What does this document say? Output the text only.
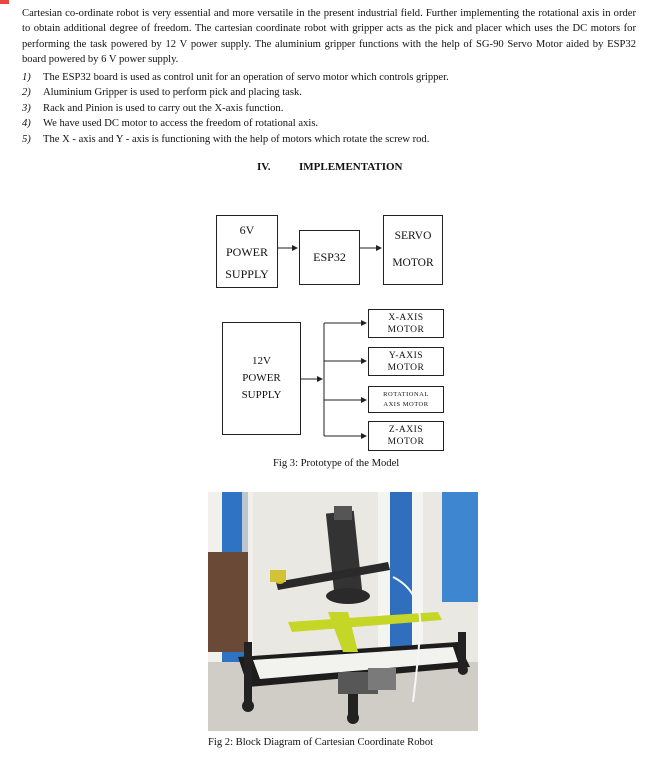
Cartesian co-ordinate robot is very essential and more versatile in the present industrial field. Further implementing the rotational axis in order to obtain additional degree of freedom. The cartesian coordinate robot with gripper acts as the pick and placer which uses the DC motors for performing the task powered by 12 V power supply. The aluminium gripper functions with the help of SG-90 Servo Motor aided by ESP32 board powered by 6 V power supply.

1)	The ESP32 board is used as control unit for an operation of servo motor which controls gripper.
2)	Aluminium Gripper is used to perform pick and placing task.
3)	Rack and Pinion is used to carry out the X-axis function.
4)	We have used DC motor to access the freedom of rotational axis.
5)	The X - axis and Y - axis is functioning with the help of motors which rotate the screw rod.
IV.	IMPLEMENTATION
6V
POWER
SUPPLY
ESP32
SERVO
MOTOR
12V
POWER
SUPPLY
X-AXIS
MOTOR
Y-AXIS
MOTOR
ROTATIONAL
AXIS MOTOR
Z-AXIS
MOTOR
Fig 3: Prototype of the Model
Fig 2: Block Diagram of Cartesian Coordinate Robot
